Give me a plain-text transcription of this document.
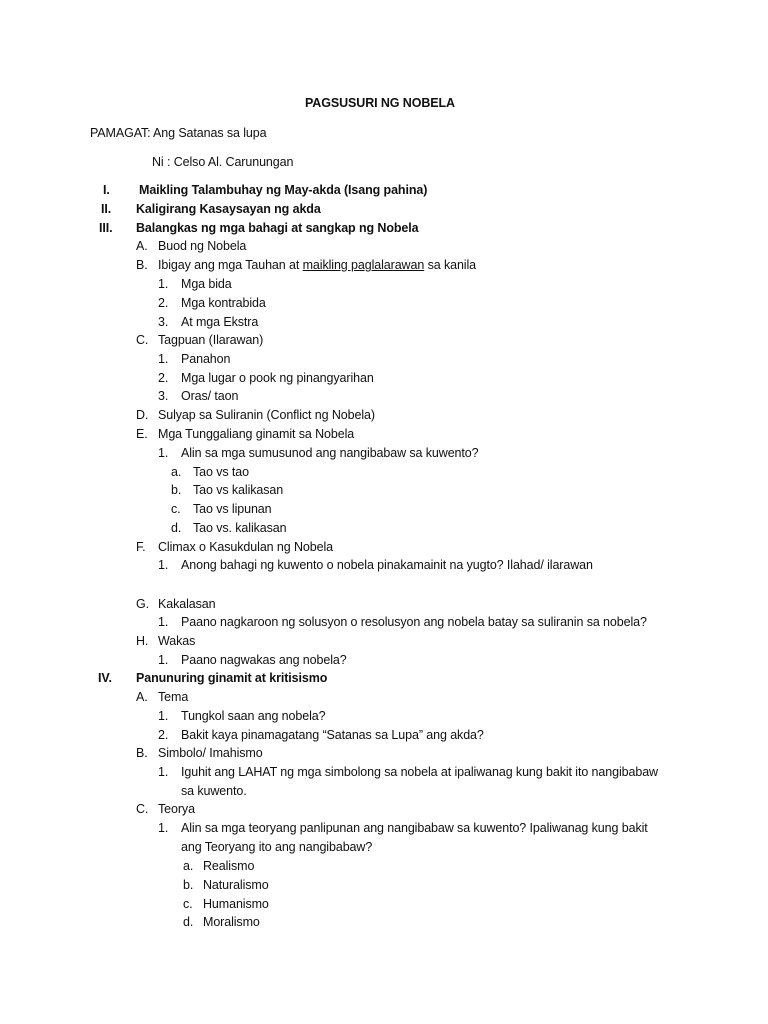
PAGSUSURI NG NOBELA
PAMAGAT: Ang Satanas sa lupa
Ni : Celso Al. Carunungan
I. Maikling Talambuhay ng May-akda (Isang pahina)
II. Kaligirang Kasaysayan ng akda
III. Balangkas ng mga bahagi at sangkap ng Nobela
A. Buod ng Nobela
B. Ibigay ang mga Tauhan at maikling paglalarawan sa kanila
1. Mga bida
2. Mga kontrabida
3. At mga Ekstra
C. Tagpuan (Ilarawan)
1. Panahon
2. Mga lugar o pook ng pinangyarihan
3. Oras/ taon
D. Sulyap sa Suliranin (Conflict ng Nobela)
E. Mga Tunggaliang ginamit sa Nobela
1. Alin sa mga sumusunod ang nangibabaw sa kuwento?
a. Tao vs tao
b. Tao vs kalikasan
c. Tao vs lipunan
d. Tao vs. kalikasan
F. Climax o Kasukdulan ng Nobela
1. Anong bahagi ng kuwento o nobela pinakamainit na yugto? Ilahad/ ilarawan
G. Kakalasan
1. Paano nagkaroon ng solusyon o resolusyon ang nobela batay sa suliranin sa nobela?
H. Wakas
1. Paano nagwakas ang nobela?
IV. Panunuring ginamit at kritisismo
A. Tema
1. Tungkol saan ang nobela?
2. Bakit kaya pinamagatang “Satanas sa Lupa” ang akda?
B. Simbolo/ Imahismo
1. Iguhit ang LAHAT ng mga simbolong sa nobela at ipaliwanag kung bakit ito nangibabaw
sa kuwento.
C. Teorya
1. Alin sa mga teoryang panlipunan ang nangibabaw sa kuwento? Ipaliwanag kung bakit
ang Teoryang ito ang nangibabaw?
a. Realismo
b. Naturalismo
c. Humanismo
d. Moralismo
